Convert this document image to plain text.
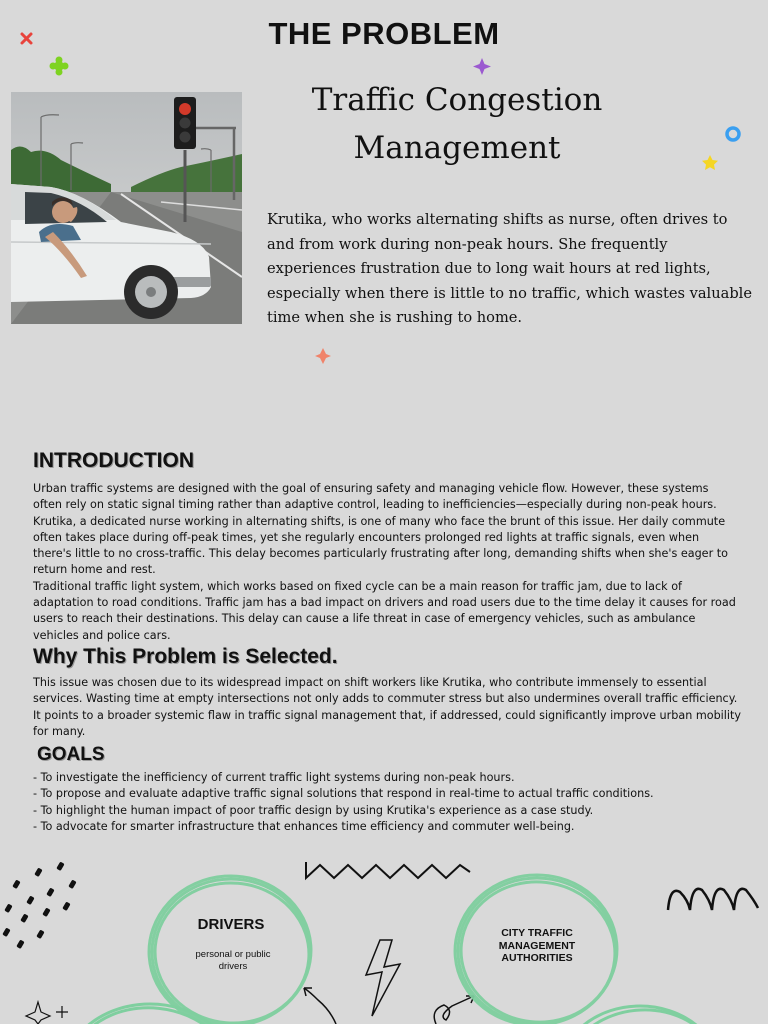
THE PROBLEM
Traffic Congestion
Management
Krutika, who works alternating shifts as nurse, often drives to and from work during non-peak hours. She frequently experiences frustration due to long wait hours at red lights, especially when there is little to no traffic, which wastes valuable time when she is rushing to home.
INTRODUCTION
Urban traffic systems are designed with the goal of ensuring safety and managing vehicle flow. However, these systems often rely on static signal timing rather than adaptive control, leading to inefficiencies—especially during non-peak hours. Krutika, a dedicated nurse working in alternating shifts, is one of many who face the brunt of this issue. Her daily commute often takes place during off-peak times, yet she regularly encounters prolonged red lights at traffic signals, even when there's little to no cross-traffic. This delay becomes particularly frustrating after long, demanding shifts when she's eager to return home and rest.
Traditional traffic light system, which works based on fixed cycle can be a main reason for traffic jam, due to lack of adaptation to road conditions. Traffic jam has a bad impact on drivers and road users due to the time delay it causes for road users to reach their destinations. This delay can cause a life threat in case of emergency vehicles, such as ambulance vehicles and police cars.
Why This Problem is Selected.
This issue was chosen due to its widespread impact on shift workers like Krutika, who contribute immensely to essential services. Wasting time at empty intersections not only adds to commuter stress but also undermines overall traffic efficiency. It points to a broader systemic flaw in traffic signal management that, if addressed, could significantly improve urban mobility for many.
GOALS
- To investigate the inefficiency of current traffic light systems during non-peak hours.
- To propose and evaluate adaptive traffic signal solutions that respond in real-time to actual traffic conditions.
- To highlight the human impact of poor traffic design by using Krutika's experience as a case study.
- To advocate for smarter infrastructure that enhances time efficiency and commuter well-being.
DRIVERS
personal or public
drivers
CITY TRAFFIC
MANAGEMENT
AUTHORITIES
